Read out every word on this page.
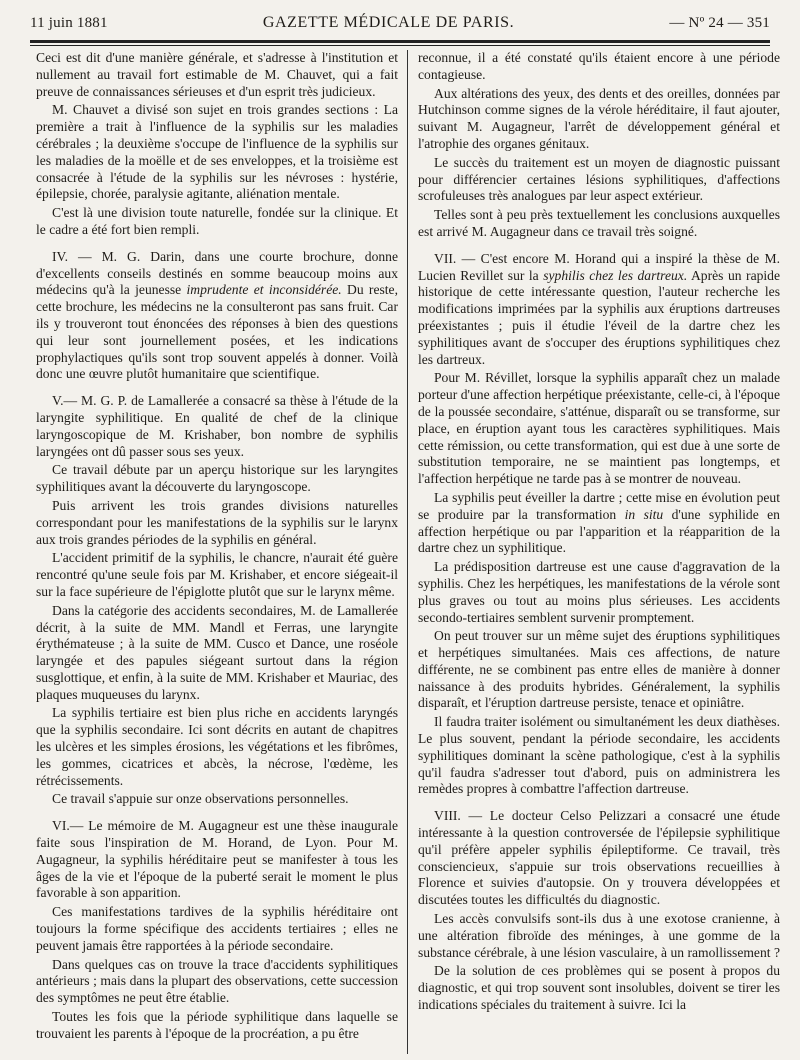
11 juin 1881	GAZETTE MÉDICALE DE PARIS.	— Nº 24 — 351

Ceci est dit d'une manière générale, et s'adresse à l'institution et nullement au travail fort estimable de M. Chauvet, qui a fait preuve de connaissances sérieuses et d'un esprit très judicieux.

M. Chauvet a divisé son sujet en trois grandes sections : La première a trait à l'influence de la syphilis sur les maladies cérébrales ; la deuxième s'occupe de l'influence de la syphilis sur les maladies de la moëlle et de ses enveloppes, et la troisième est consacrée à l'étude de la syphilis sur les névroses : hystérie, épilepsie, chorée, paralysie agitante, aliénation mentale.

C'est là une division toute naturelle, fondée sur la clinique. Et le cadre a été fort bien rempli.

IV. — M. G. Darin, dans une courte brochure, donne d'excellents conseils destinés en somme beaucoup moins aux médecins qu'à la jeunesse imprudente et inconsidérée. Du reste, cette brochure, les médecins ne la consulteront pas sans fruit. Car ils y trouveront tout énoncées des réponses à bien des questions qui leur sont journellement posées, et les indications prophylactiques qu'ils sont trop souvent appelés à donner. Voilà donc une œuvre plutôt humanitaire que scientifique.

V.— M. G. P. de Lamallerée a consacré sa thèse à l'étude de la laryngite syphilitique. En qualité de chef de la clinique laryngoscopique de M. Krishaber, bon nombre de syphilis laryngées ont dû passer sous ses yeux.

Ce travail débute par un aperçu historique sur les laryngites syphilitiques avant la découverte du laryngoscope.

Puis arrivent les trois grandes divisions naturelles correspondant pour les manifestations de la syphilis sur le larynx aux trois grandes périodes de la syphilis en général.

L'accident primitif de la syphilis, le chancre, n'aurait été guère rencontré qu'une seule fois par M. Krishaber, et encore siégeait-il sur la face supérieure de l'épiglotte plutôt que sur le larynx même.

Dans la catégorie des accidents secondaires, M. de Lamallerée décrit, à la suite de MM. Mandl et Ferras, une laryngite érythémateuse ; à la suite de MM. Cusco et Dance, une roséole laryngée et des papules siégeant surtout dans la région susglottique, et enfin, à la suite de MM. Krishaber et Mauriac, des plaques muqueuses du larynx.

La syphilis tertiaire est bien plus riche en accidents laryngés que la syphilis secondaire. Ici sont décrits en autant de chapitres les ulcères et les simples érosions, les végétations et les fibrômes, les gommes, cicatrices et abcès, la nécrose, l'œdème, les rétrécissements.

Ce travail s'appuie sur onze observations personnelles.

VI.— Le mémoire de M. Augagneur est une thèse inaugurale faite sous l'inspiration de M. Horand, de Lyon. Pour M. Augagneur, la syphilis héréditaire peut se manifester à tous les âges de la vie et l'époque de la puberté serait le moment le plus favorable à son apparition.

Ces manifestations tardives de la syphilis héréditaire ont toujours la forme spécifique des accidents tertiaires ; elles ne peuvent jamais être rapportées à la période secondaire.

Dans quelques cas on trouve la trace d'accidents syphilitiques antérieurs ; mais dans la plupart des observations, cette succession des symptômes ne peut être établie.

Toutes les fois que la période syphilitique dans laquelle se trouvaient les parents à l'époque de la procréation, a pu être

reconnue, il a été constaté qu'ils étaient encore à une période contagieuse.

Aux altérations des yeux, des dents et des oreilles, données par Hutchinson comme signes de la vérole héréditaire, il faut ajouter, suivant M. Augagneur, l'arrêt de développement général et l'atrophie des organes génitaux.

Le succès du traitement est un moyen de diagnostic puissant pour différencier certaines lésions syphilitiques, d'affections scrofuleuses très analogues par leur aspect extérieur.

Telles sont à peu près textuellement les conclusions auxquelles est arrivé M. Augagneur dans ce travail très soigné.

VII. — C'est encore M. Horand qui a inspiré la thèse de M. Lucien Revillet sur la syphilis chez les dartreux. Après un rapide historique de cette intéressante question, l'auteur recherche les modifications imprimées par la syphilis aux éruptions dartreuses préexistantes ; puis il étudie l'éveil de la dartre chez les syphilitiques avant de s'occuper des éruptions syphilitiques chez les dartreux.

Pour M. Révillet, lorsque la syphilis apparaît chez un malade porteur d'une affection herpétique préexistante, celle-ci, à l'époque de la poussée secondaire, s'atténue, disparaît ou se transforme, sur place, en éruption ayant tous les caractères syphilitiques. Mais cette rémission, ou cette transformation, qui est due à une sorte de substitution temporaire, ne se maintient pas longtemps, et l'affection herpétique ne tarde pas à se montrer de nouveau.

La syphilis peut éveiller la dartre ; cette mise en évolution peut se produire par la transformation in situ d'une syphilide en affection herpétique ou par l'apparition et la réapparition de la dartre chez un syphilitique.

La prédisposition dartreuse est une cause d'aggravation de la syphilis. Chez les herpétiques, les manifestations de la vérole sont plus graves ou tout au moins plus sérieuses. Les accidents secondo-tertiaires semblent survenir promptement.

On peut trouver sur un même sujet des éruptions syphilitiques et herpétiques simultanées. Mais ces affections, de nature différente, ne se combinent pas entre elles de manière à donner naissance à des produits hybrides. Généralement, la syphilis disparaît, et l'éruption dartreuse persiste, tenace et opiniâtre.

Il faudra traiter isolément ou simultanément les deux diathèses. Le plus souvent, pendant la période secondaire, les accidents syphilitiques dominant la scène pathologique, c'est à la syphilis qu'il faudra s'adresser tout d'abord, puis on administrera les remèdes propres à combattre l'affection dartreuse.

VIII. — Le docteur Celso Pelizzari a consacré une étude intéressante à la question controversée de l'épilepsie syphilitique qu'il préfère appeler syphilis épileptiforme. Ce travail, très consciencieux, s'appuie sur trois observations recueillies à Florence et suivies d'autopsie. On y trouvera développées et discutées toutes les difficultés du diagnostic.

Les accès convulsifs sont-ils dus à une exotose cranienne, à une altération fibroïde des méninges, à une gomme de la substance cérébrale, à une lésion vasculaire, à un ramollissement ?

De la solution de ces problèmes qui se posent à propos du diagnostic, et qui trop souvent sont insolubles, doivent se tirer les indications spéciales du traitement à suivre. Ici la
